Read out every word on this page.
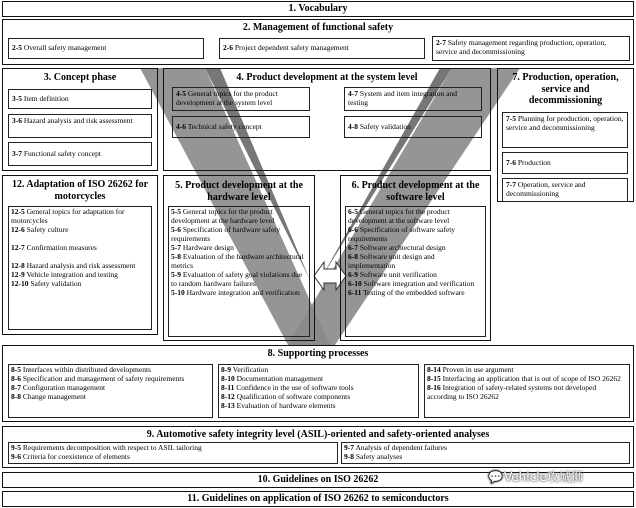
1. Vocabulary
2. Management of functional safety
2-5 Overall safety management	2-6 Project dependent safety management
2-7 Safety management regarding production, operation, service and decommissioning
3. Concept phase
3-5 Item definition
3-6 Hazard analysis and risk assessment
3-7 Functional safety concept
4. Product development at the system level
4-5 General topics for the product development at the system level
4-6 Technical safety concept
4-7 System and item integration and testing
4-8 Safety validation
7. Production, operation, service and decommissioning
7-5 Planning for production, operation, service and decommissioning
7-6 Production
7-7 Operation, service and decommissioning
12. Adaptation of ISO 26262 for motorcycles
12-5 General topics for adaptation for motorcycles
12-6 Safety culture
12-7 Confirmation measures
12-8 Hazard analysis and risk assessment
12-9 Vehicle integration and testing
12-10 Safety validation
5. Product development at the hardware level
5-5 General topics for the product development at the hardware level
5-6 Specification of hardware safety requirements
5-7 Hardware design
5-8 Evaluation of the hardware architectural metrics
5-9 Evaluation of safety goal violations due to random hardware failures
5-10 Hardware integration and verification
6. Product development at the software level
6-5 General topics for the product development at the software level
6-6 Specification of software safety requirements
6-7 Software archtectural design
6-8 Software unit design and implementation
6-9 Software unit verification
6-10 Software integration and verification
6-11 Testing of the embedded software
8. Supporting processes
8-5 Interfaces within distributed developments
8-6 Specification and management of safety requirements
8-7 Configuration management
8-8 Change management
8-9 Verification
8-10 Documentation management
8-11 Confidence in the use of software tools
8-12 Qualification of software components
8-13 Evaluation of hardware elements
8-14 Proven in use argument
8-15 Interfacing an application that is out of scope of ISO 26262
8-16 Integration of safety-related systems not developed according to ISO 26262
9. Automotive safety integrity level (ASIL)-oriented and safety-oriented analyses
9-5 Requirements decomposition with respect to ASIL tailoring
9-6 Criteria for coexistence of elements
9-7 Analysis of dependent failures
9-8 Safety analyses
10. Guidelines on ISO 26262
11. Guidelines on application of ISO 26262 to semiconductors
💬Vehicle攻城狮
